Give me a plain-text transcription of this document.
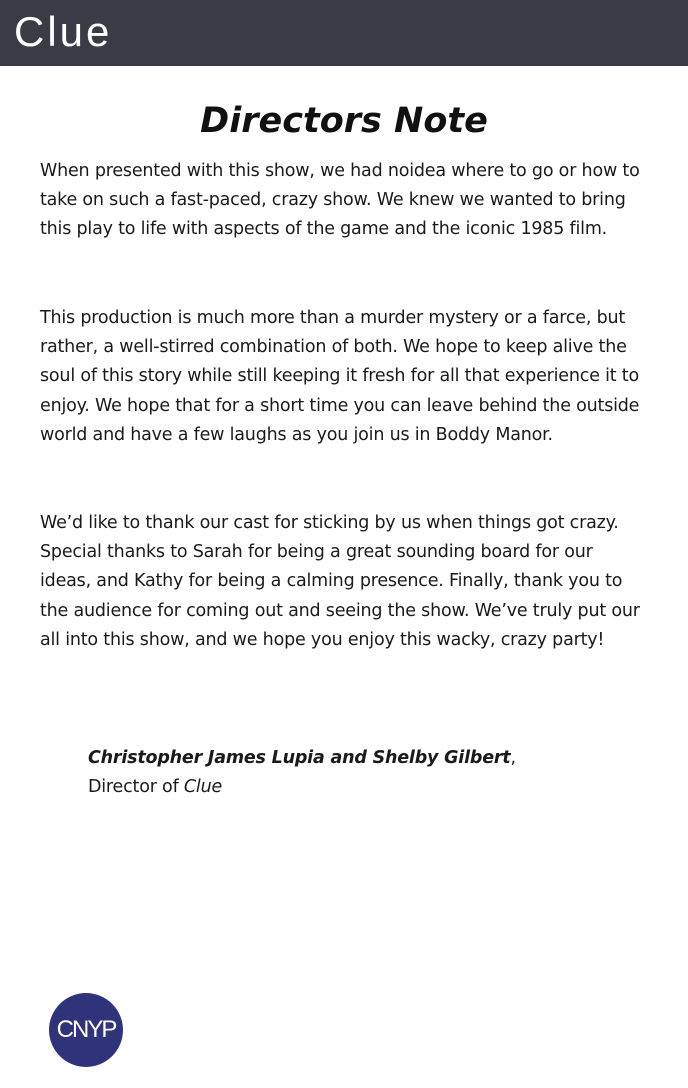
Clue
Directors Note

When presented with this show, we had noidea where to go or how to take on such a fast-paced, crazy show. We knew we wanted to bring this play to life with aspects of the game and the iconic 1985 film.

This production is much more than a murder mystery or a farce, but rather, a well-stirred combination of both. We hope to keep alive the soul of this story while still keeping it fresh for all that experience it to enjoy. We hope that for a short time you can leave behind the outside world and have a few laughs as you join us in Boddy Manor.

We’d like to thank our cast for sticking by us when things got crazy. Special thanks to Sarah for being a great sounding board for our ideas, and Kathy for being a calming presence. Finally, thank you to the audience for coming out and seeing the show. We’ve truly put our all into this show, and we hope you enjoy this wacky, crazy party!

Christopher James Lupia and Shelby Gilbert,
Director of Clue
CNYP
